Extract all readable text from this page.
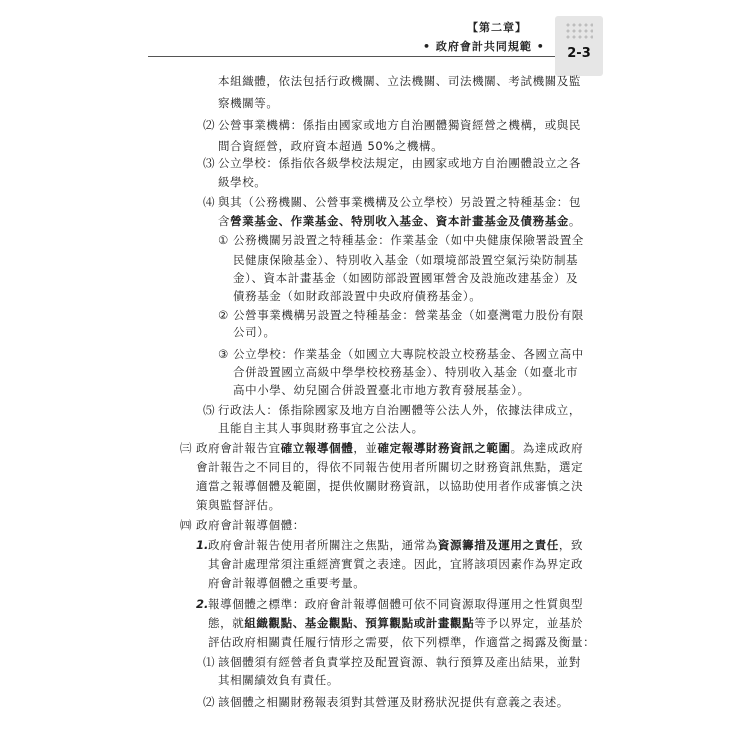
【第二章】
• 政府會計共同規範 •	2-3
本組織體，依法包括行政機關、立法機關、司法機關、考試機關及監
察機關等。
⑵ 公營事業機構：係指由國家或地方自治團體獨資經營之機構，或與民
間合資經營，政府資本超過 50%之機構。
⑶ 公立學校：係指依各級學校法規定，由國家或地方自治團體設立之各
級學校。
⑷ 與其（公務機關、公營事業機構及公立學校）另設置之特種基金：包
含營業基金、作業基金、特別收入基金、資本計畫基金及債務基金。
① 公務機關另設置之特種基金：作業基金（如中央健康保險署設置全
民健康保險基金）、特別收入基金（如環境部設置空氣污染防制基
金）、資本計畫基金（如國防部設置國軍營舍及設施改建基金）及
債務基金（如財政部設置中央政府債務基金）。
② 公營事業機構另設置之特種基金：營業基金（如臺灣電力股份有限
公司）。
③ 公立學校：作業基金（如國立大專院校設立校務基金、各國立高中
合併設置國立高級中學學校校務基金）、特別收入基金（如臺北市
高中小學、幼兒園合併設置臺北市地方教育發展基金）。
⑸ 行政法人：係指除國家及地方自治團體等公法人外，依據法律成立，
且能自主其人事與財務事宜之公法人。
㈢ 政府會計報告宜確立報導個體，並確定報導財務資訊之範圍。為達成政府
會計報告之不同目的，得依不同報告使用者所關切之財務資訊焦點，選定
適當之報導個體及範圍，提供攸關財務資訊，以協助使用者作成審慎之決
策與監督評估。
㈣ 政府會計報導個體：
1. 政府會計報告使用者所關注之焦點，通常為資源籌措及運用之責任，致
其會計處理常須注重經濟實質之表達。因此，宜將該項因素作為界定政
府會計報導個體之重要考量。
2. 報導個體之標準：政府會計報導個體可依不同資源取得運用之性質與型
態，就組織觀點、基金觀點、預算觀點或計畫觀點等予以界定，並基於
評估政府相關責任履行情形之需要，依下列標準，作適當之揭露及衡量：
⑴ 該個體須有經營者負責掌控及配置資源、執行預算及產出結果，並對
其相關績效負有責任。
⑵ 該個體之相關財務報表須對其營運及財務狀況提供有意義之表述。
